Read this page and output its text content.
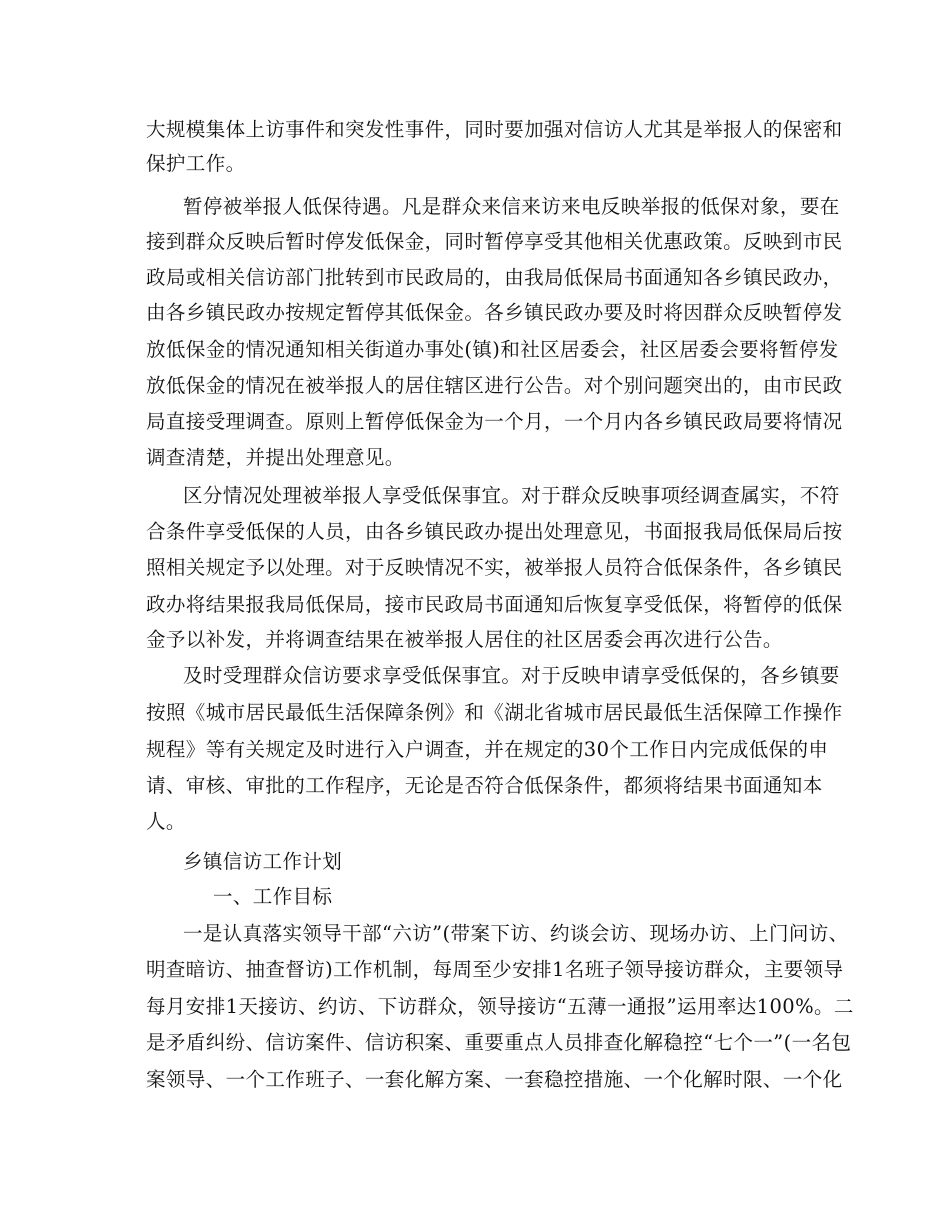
大规模集体上访事件和突发性事件，同时要加强对信访人尤其是举报人的保密和
保护工作。
暂停被举报人低保待遇。凡是群众来信来访来电反映举报的低保对象，要在
接到群众反映后暂时停发低保金，同时暂停享受其他相关优惠政策。反映到市民
政局或相关信访部门批转到市民政局的，由我局低保局书面通知各乡镇民政办，
由各乡镇民政办按规定暂停其低保金。各乡镇民政办要及时将因群众反映暂停发
放低保金的情况通知相关街道办事处(镇)和社区居委会，社区居委会要将暂停发
放低保金的情况在被举报人的居住辖区进行公告。对个别问题突出的，由市民政
局直接受理调查。原则上暂停低保金为一个月，一个月内各乡镇民政局要将情况
调查清楚，并提出处理意见。
区分情况处理被举报人享受低保事宜。对于群众反映事项经调查属实，不符
合条件享受低保的人员，由各乡镇民政办提出处理意见，书面报我局低保局后按
照相关规定予以处理。对于反映情况不实，被举报人员符合低保条件，各乡镇民
政办将结果报我局低保局，接市民政局书面通知后恢复享受低保，将暂停的低保
金予以补发，并将调查结果在被举报人居住的社区居委会再次进行公告。
及时受理群众信访要求享受低保事宜。对于反映申请享受低保的，各乡镇要
按照《城市居民最低生活保障条例》和《湖北省城市居民最低生活保障工作操作
规程》等有关规定及时进行入户调查，并在规定的30个工作日内完成低保的申
请、审核、审批的工作程序，无论是否符合低保条件，都须将结果书面通知本
人。
乡镇信访工作计划
一、工作目标
一是认真落实领导干部“六访”(带案下访、约谈会访、现场办访、上门问访、
明查暗访、抽查督访)工作机制，每周至少安排1名班子领导接访群众，主要领导
每月安排1天接访、约访、下访群众，领导接访“五薄一通报”运用率达100%。二
是矛盾纠纷、信访案件、信访积案、重要重点人员排查化解稳控“七个一”(一名包
案领导、一个工作班子、一套化解方案、一套稳控措施、一个化解时限、一个化
